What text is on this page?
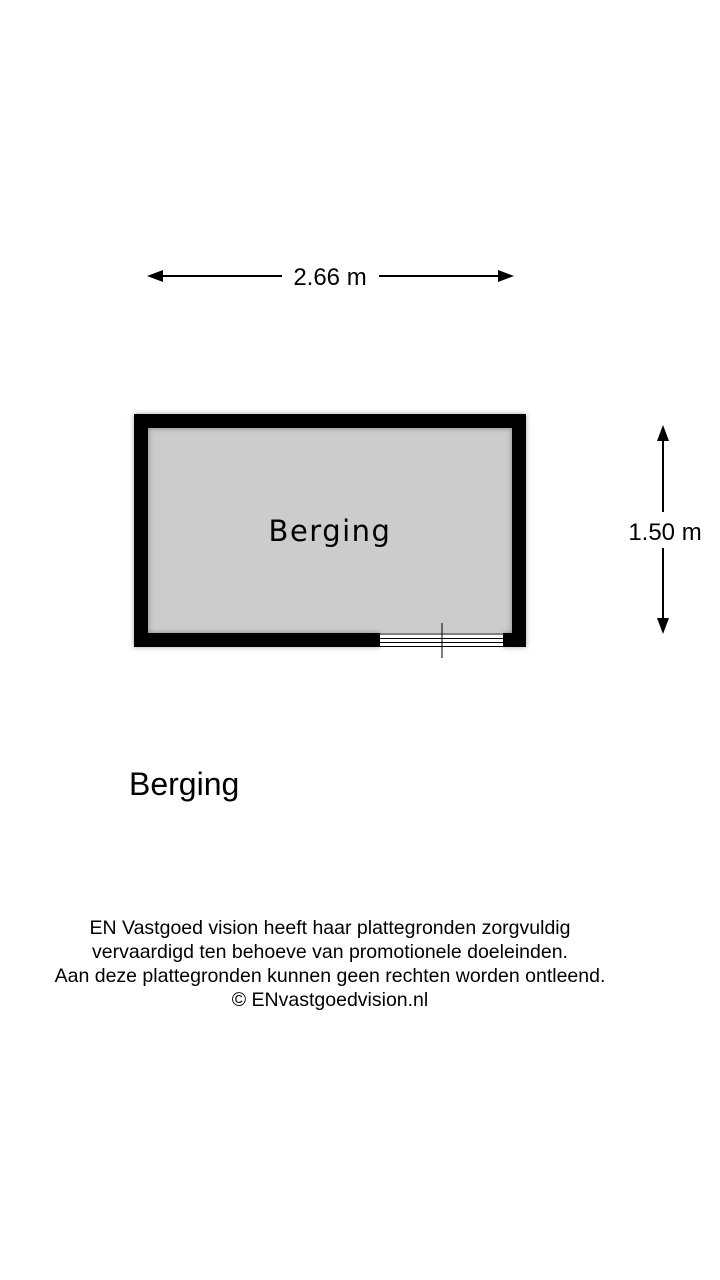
2.66 m
1.50 m
Berging
Berging
EN Vastgoed vision heeft haar plattegronden zorgvuldig
vervaardigd ten behoeve van promotionele doeleinden.
Aan deze plattegronden kunnen geen rechten worden ontleend.
© ENvastgoedvision.nl
